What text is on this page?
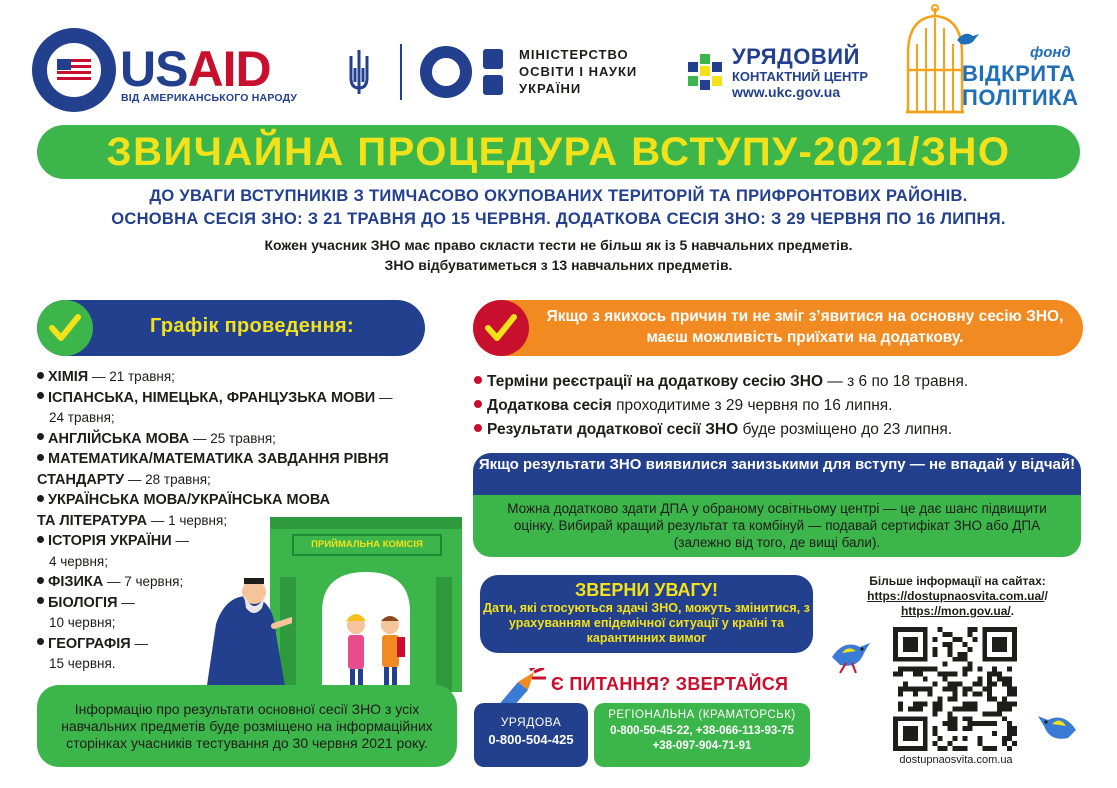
USAID
ВІД АМЕРИКАНСЬКОГО НАРОДУ
МІНІСТЕРСТВО
ОСВІТИ І НАУКИ
УКРАЇНИ
УРЯДОВИЙ
КОНТАКТНИЙ ЦЕНТР
www.ukc.gov.ua
фонд
ВІДКРИТА
ПОЛІТИКА
ЗВИЧАЙНА ПРОЦЕДУРА ВСТУПУ-2021/ЗНО
ДО УВАГИ ВСТУПНИКІВ З ТИМЧАСОВО ОКУПОВАНИХ ТЕРИТОРІЙ ТА ПРИФРОНТОВИХ РАЙОНІВ.
ОСНОВНА СЕСІЯ ЗНО: З 21 ТРАВНЯ ДО 15 ЧЕРВНЯ. ДОДАТКОВА СЕСІЯ ЗНО: З 29 ЧЕРВНЯ ПО 16 ЛИПНЯ.
Кожен учасник ЗНО має право скласти тести не більш як із 5 навчальних предметів.
ЗНО відбуватиметься з 13 навчальних предметів.
Графік проведення:
ХІМІЯ — 21 травня;
ІСПАНСЬКА, НІМЕЦЬКА, ФРАНЦУЗЬКА МОВИ —
24 травня;
АНГЛІЙСЬКА МОВА — 25 травня;
МАТЕМАТИКА/МАТЕМАТИКА ЗАВДАННЯ РІВНЯ
СТАНДАРТУ — 28 травня;
УКРАЇНСЬКА МОВА/УКРАЇНСЬКА МОВА
ТА ЛІТЕРАТУРА — 1 червня;
ІСТОРІЯ УКРАЇНИ —
4 червня;
ФІЗИКА — 7 червня;
БІОЛОГІЯ —
10 червня;
ГЕОГРАФІЯ —
15 червня.
ПРИЙМАЛЬНА КОМІСІЯ
Інформацію про результати основної сесії ЗНО з усіх навчальних предметів буде розміщено на інформаційних сторінках учасників тестування до 30 червня 2021 року.
Якщо з якихось причин ти не зміг з’явитися на основну сесію ЗНО, маєш можливість приїхати на додаткову.
Терміни реєстрації на додаткову сесію ЗНО — з 6 по 18 травня.
Додаткова сесія проходитиме з 29 червня по 16 липня.
Результати додаткової сесії ЗНО буде розміщено до 23 липня.
Якщо результати ЗНО виявилися занизькими для вступу — не впадай у відчай!
Можна додатково здати ДПА у обраному освітньому центрі — це дає шанс підвищити оцінку. Вибирай кращий результат та комбінуй — подавай сертифікат ЗНО або ДПА (залежно від того, де вищі бали).
ЗВЕРНИ УВАГУ!
Дати, які стосуються здачі ЗНО, можуть змінитися, з урахуванням епідемічної ситуації у країні та карантинних вимог
Є ПИТАННЯ? ЗВЕРТАЙСЯ
УРЯДОВА
0-800-504-425
РЕГІОНАЛЬНА (КРАМАТОРСЬК)
0-800-50-45-22, +38-066-113-93-75
+38-097-904-71-91
Більше інформації на сайтах:
https://dostupnaosvita.com.ua//
https://mon.gov.ua/.
dostupnaosvita.com.ua
